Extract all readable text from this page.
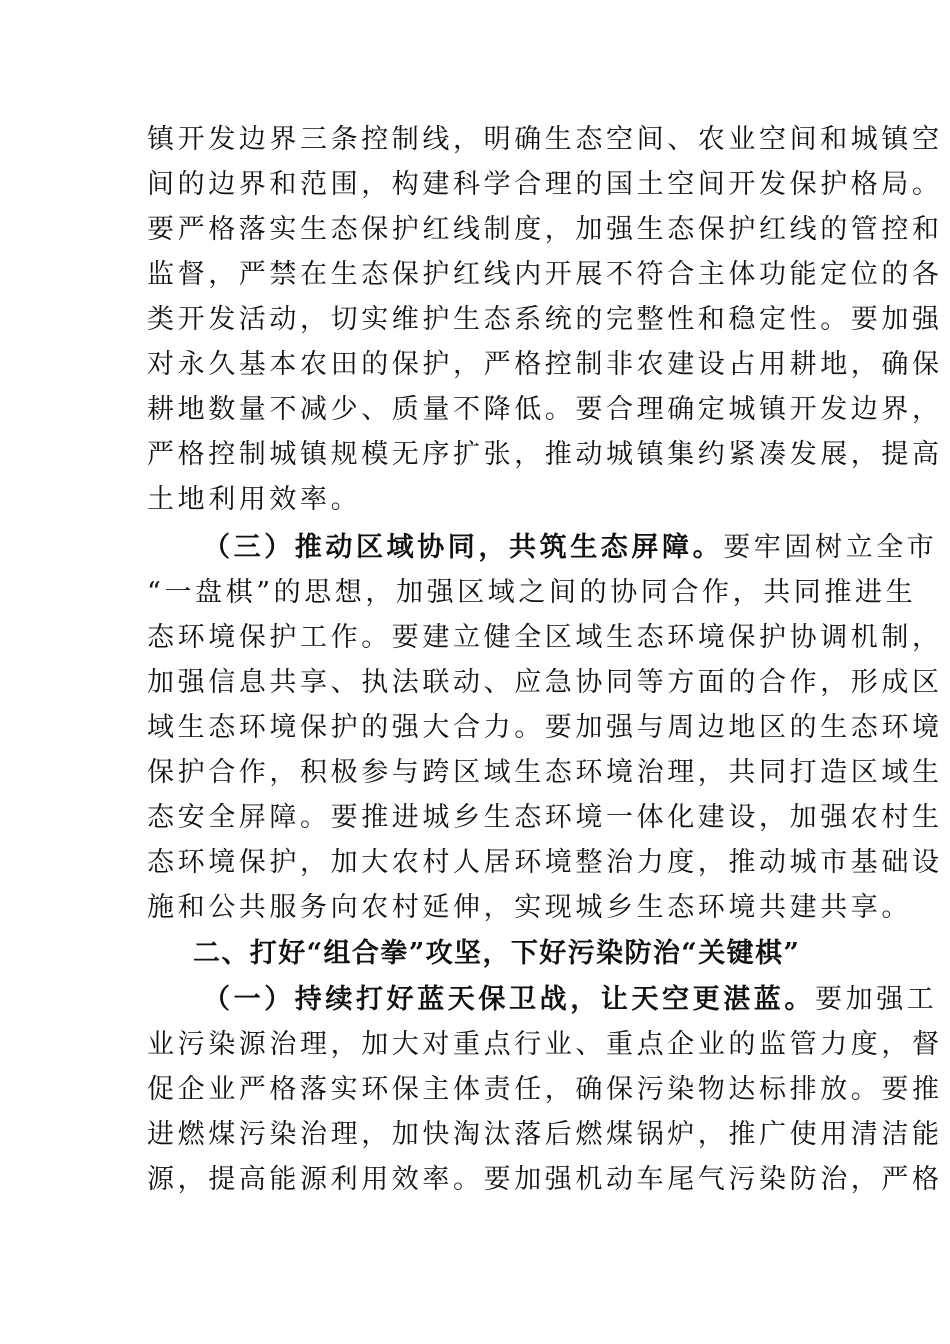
镇开发边界三条控制线，明确生态空间、农业空间和城镇空
间的边界和范围，构建科学合理的国土空间开发保护格局。
要严格落实生态保护红线制度，加强生态保护红线的管控和
监督，严禁在生态保护红线内开展不符合主体功能定位的各
类开发活动，切实维护生态系统的完整性和稳定性。要加强
对永久基本农田的保护，严格控制非农建设占用耕地，确保
耕地数量不减少、质量不降低。要合理确定城镇开发边界，
严格控制城镇规模无序扩张，推动城镇集约紧凑发展，提高
土地利用效率。
（三）推动区域协同，共筑生态屏障。要牢固树立全市
“一盘棋”的思想，加强区域之间的协同合作，共同推进生
态环境保护工作。要建立健全区域生态环境保护协调机制，
加强信息共享、执法联动、应急协同等方面的合作，形成区
域生态环境保护的强大合力。要加强与周边地区的生态环境
保护合作，积极参与跨区域生态环境治理，共同打造区域生
态安全屏障。要推进城乡生态环境一体化建设，加强农村生
态环境保护，加大农村人居环境整治力度，推动城市基础设
施和公共服务向农村延伸，实现城乡生态环境共建共享。
二、打好“组合拳”攻坚，下好污染防治“关键棋”
（一）持续打好蓝天保卫战，让天空更湛蓝。要加强工
业污染源治理，加大对重点行业、重点企业的监管力度，督
促企业严格落实环保主体责任，确保污染物达标排放。要推
进燃煤污染治理，加快淘汰落后燃煤锅炉，推广使用清洁能
源，提高能源利用效率。要加强机动车尾气污染防治，严格
